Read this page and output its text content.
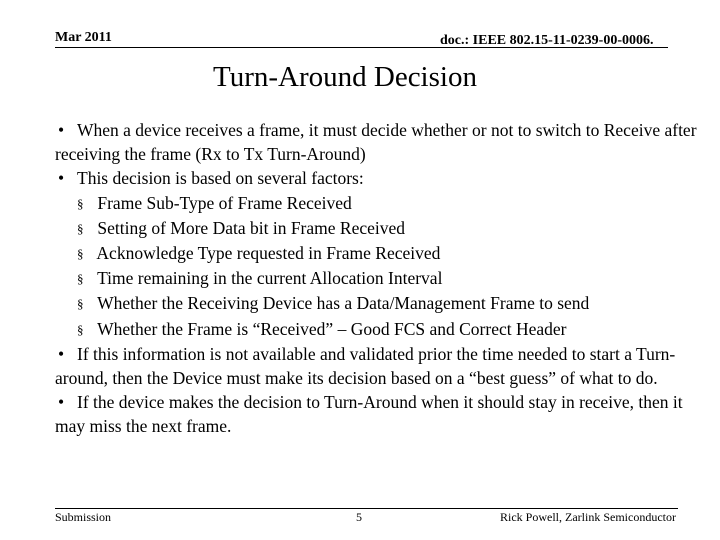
Mar 2011	doc.: IEEE 802.15-11-0239-00-0006.
Turn-Around Decision

• When a device receives a frame, it must decide whether or not to switch to Receive after receiving the frame (Rx to Tx Turn-Around)

• This decision is based on several factors:

§ Frame Sub-Type of Frame Received

§ Setting of More Data bit in Frame Received

§ Acknowledge Type requested in Frame Received

§ Time remaining in the current Allocation Interval

§ Whether the Receiving Device has a Data/Management Frame to send

§ Whether the Frame is “Received” – Good FCS and Correct Header

• If this information is not available and validated prior the time needed to start a Turn-around, then the Device must make its decision based on a “best guess” of what to do.

• If the device makes the decision to Turn-Around when it should stay in receive, then it may miss the next frame.

Submission	5	Rick Powell, Zarlink Semiconductor
